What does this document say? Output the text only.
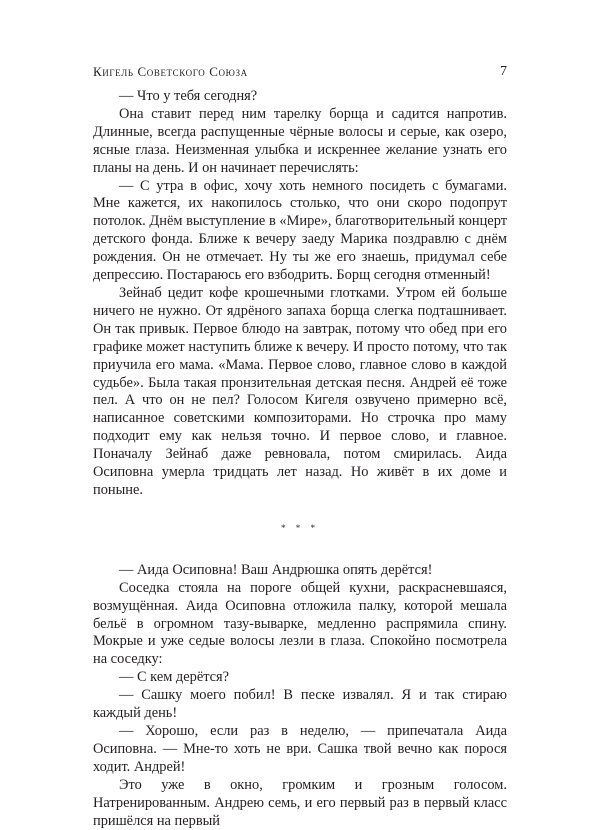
Кигель Советского Союза	7

— Что у тебя сегодня?

Она ставит перед ним тарелку борща и садится напротив. Длинные, всегда распущенные чёрные волосы и серые, как озеро, ясные глаза. Неизменная улыбка и искреннее желание узнать его планы на день. И он начинает перечислять:

— С утра в офис, хочу хоть немного посидеть с бумагами. Мне кажется, их накопилось столько, что они скоро подопрут потолок. Днём выступление в «Мире», благотворительный концерт детского фонда. Ближе к вечеру заеду Марика поздравлю с днём рождения. Он не отмечает. Ну ты же его знаешь, придумал себе депрессию. Постараюсь его взбодрить. Борщ сегодня отменный!

Зейнаб цедит кофе крошечными глотками. Утром ей больше ничего не нужно. От ядрёного запаха борща слегка подташнивает. Он так привык. Первое блюдо на завтрак, потому что обед при его графике может наступить ближе к вечеру. И просто потому, что так приучила его мама. «Мама. Первое слово, главное слово в каждой судьбе». Была такая пронзительная детская песня. Андрей её тоже пел. А что он не пел? Голосом Кигеля озвучено примерно всё, написанное советскими композиторами. Но строчка про маму подходит ему как нельзя точно. И первое слово, и главное. Поначалу Зейнаб даже ревновала, потом смирилась. Аида Осиповна умерла тридцать лет назад. Но живёт в их доме и поныне.

* * *

— Аида Осиповна! Ваш Андрюшка опять дерётся!

Соседка стояла на пороге общей кухни, раскрасневшаяся, возмущённая. Аида Осиповна отложила палку, которой мешала бельё в огромном тазу-выварке, медленно распрямила спину. Мокрые и уже седые волосы лезли в глаза. Спокойно посмотрела на соседку:

— С кем дерётся?

— Сашку моего побил! В песке извалял. Я и так стираю каждый день!

— Хорошо, если раз в неделю, — припечатала Аида Осиповна. — Мне-то хоть не ври. Сашка твой вечно как порося ходит. Андрей!

Это уже в окно, громким и грозным голосом. Натренированным. Андрею семь, и его первый раз в первый класс пришёлся на первый
